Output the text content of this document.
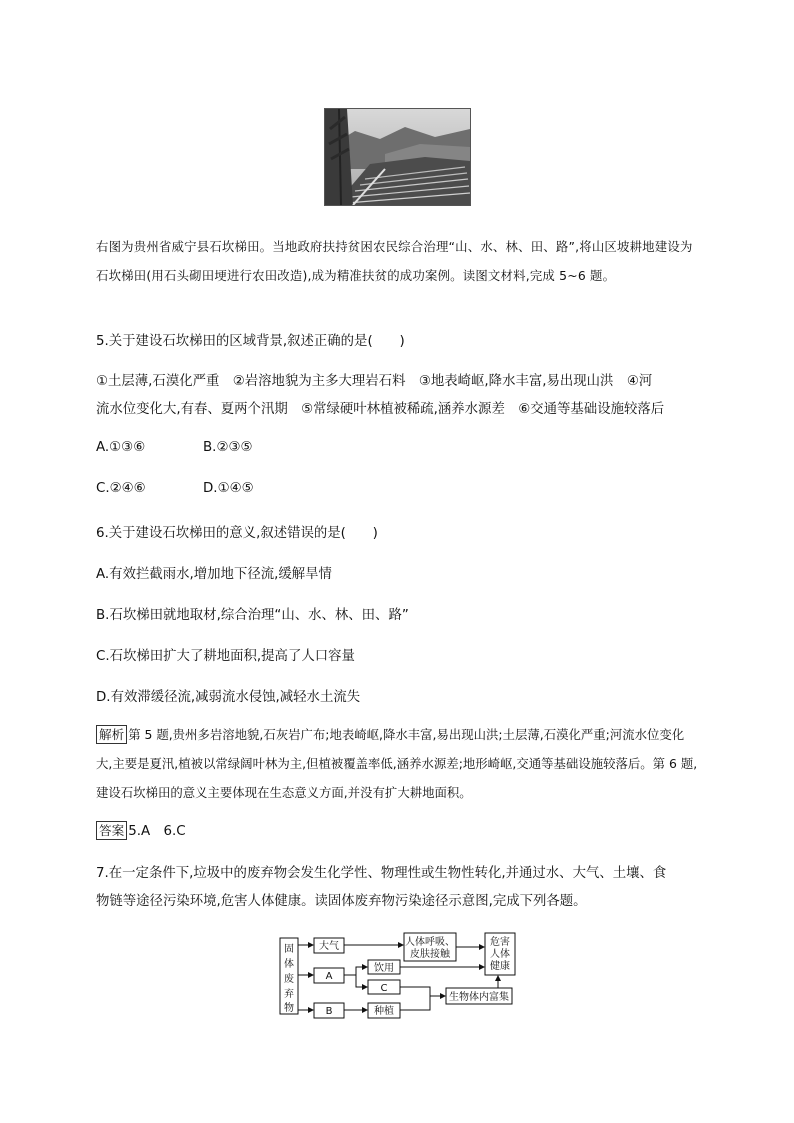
右图为贵州省威宁县石坎梯田。当地政府扶持贫困农民综合治理“山、水、林、田、路”,将山区坡耕地建设为石坎梯田(用石头砌田埂进行农田改造),成为精准扶贫的成功案例。读图文材料,完成 5~6 题。
5.关于建设石坎梯田的区域背景,叙述正确的是(　　)
①土层薄,石漠化严重　②岩溶地貌为主多大理岩石料　③地表崎岖,降水丰富,易出现山洪　④河
流水位变化大,有春、夏两个汛期　⑤常绿硬叶林植被稀疏,涵养水源差　⑥交通等基础设施较落后
A.①③⑥	B.②③⑤
C.②④⑥	D.①④⑤
6.关于建设石坎梯田的意义,叙述错误的是(　　)
A.有效拦截雨水,增加地下径流,缓解旱情
B.石坎梯田就地取材,综合治理“山、水、林、田、路”
C.石坎梯田扩大了耕地面积,提高了人口容量
D.有效滞缓径流,减弱流水侵蚀,减轻水土流失
解析 第 5 题,贵州多岩溶地貌,石灰岩广布;地表崎岖,降水丰富,易出现山洪;土层薄,石漠化严重;河流水位变化大,主要是夏汛,植被以常绿阔叶林为主,但植被覆盖率低,涵养水源差;地形崎岖,交通等基础设施较落后。第 6 题,建设石坎梯田的意义主要体现在生态意义方面,并没有扩大耕地面积。
答案 5.A　6.C
7.在一定条件下,垃圾中的废弃物会发生化学性、物理性或生物性转化,并通过水、大气、土壤、食
物链等途径污染环境,危害人体健康。读固体废弃物污染途径示意图,完成下列各题。
大气
A
B
饮用
C
种植
人体呼吸、
皮肤接触
生物体内富集
危害
人体
健康
固
体
废
弃
物
